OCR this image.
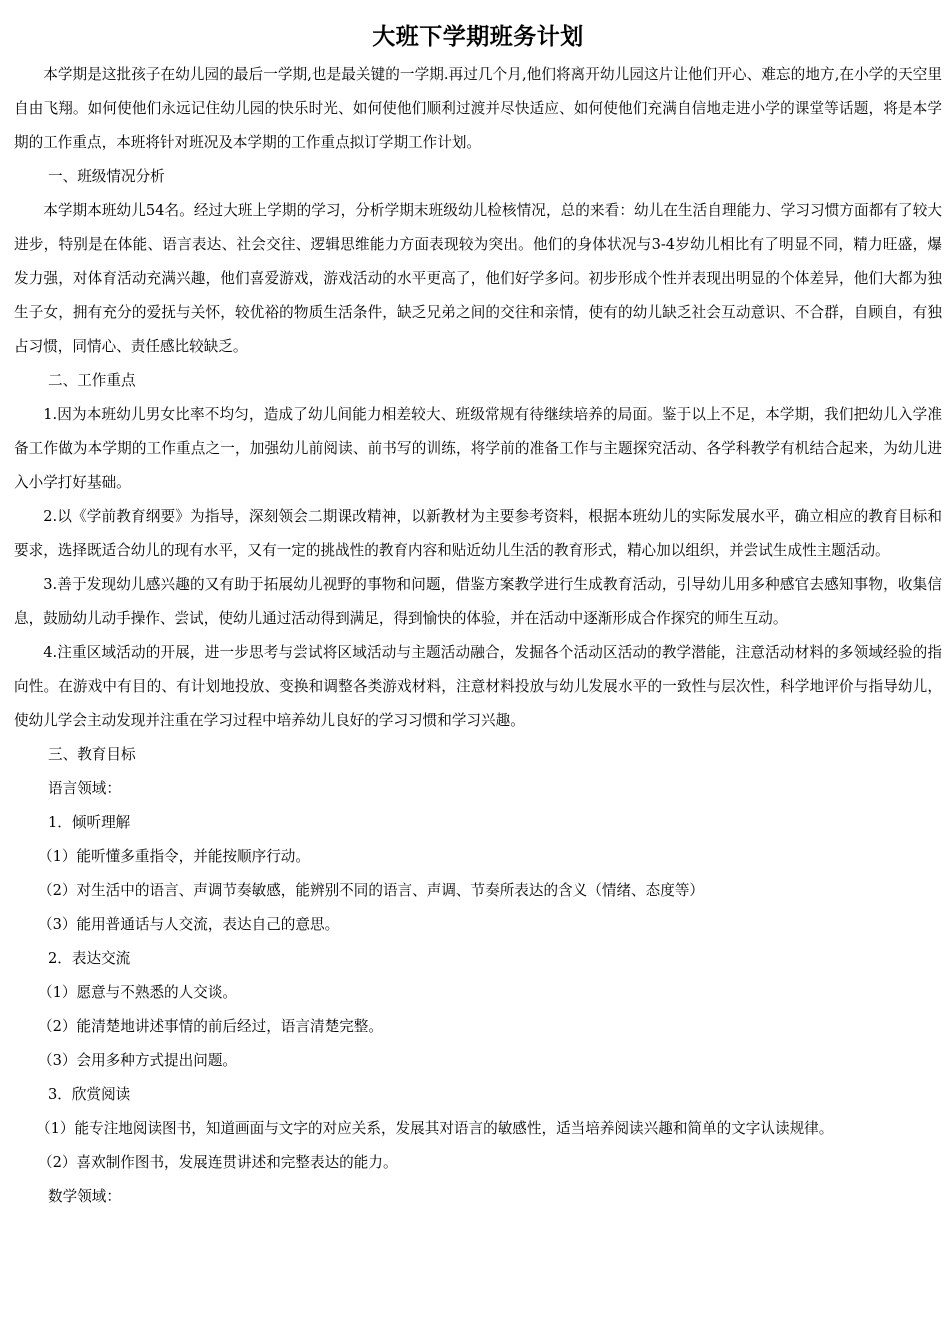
大班下学期班务计划

本学期是这批孩子在幼儿园的最后一学期,也是最关键的一学期.再过几个月,他们将离开幼儿园这片让他们开心、难忘的地方,在小学的天空里自由飞翔。如何使他们永远记住幼儿园的快乐时光、如何使他们顺利过渡并尽快适应、如何使他们充满自信地走进小学的课堂等话题，将是本学期的工作重点，本班将针对班况及本学期的工作重点拟订学期工作计划。

一、班级情况分析

本学期本班幼儿54名。经过大班上学期的学习，分析学期末班级幼儿检核情况，总的来看：幼儿在生活自理能力、学习习惯方面都有了较大进步，特别是在体能、语言表达、社会交往、逻辑思维能力方面表现较为突出。他们的身体状况与3-4岁幼儿相比有了明显不同，精力旺盛，爆发力强，对体育活动充满兴趣，他们喜爱游戏，游戏活动的水平更高了，他们好学多问。初步形成个性并表现出明显的个体差异，他们大都为独生子女，拥有充分的爱抚与关怀，较优裕的物质生活条件，缺乏兄弟之间的交往和亲情，使有的幼儿缺乏社会互动意识、不合群，自顾自，有独占习惯，同情心、责任感比较缺乏。

二、工作重点

1.因为本班幼儿男女比率不均匀，造成了幼儿间能力相差较大、班级常规有待继续培养的局面。鉴于以上不足，本学期，我们把幼儿入学准备工作做为本学期的工作重点之一，加强幼儿前阅读、前书写的训练，将学前的准备工作与主题探究活动、各学科教学有机结合起来，为幼儿进入小学打好基础。

2.以《学前教育纲要》为指导，深刻领会二期课改精神，以新教材为主要参考资料，根据本班幼儿的实际发展水平，确立相应的教育目标和要求，选择既适合幼儿的现有水平，又有一定的挑战性的教育内容和贴近幼儿生活的教育形式，精心加以组织，并尝试生成性主题活动。

3.善于发现幼儿感兴趣的又有助于拓展幼儿视野的事物和问题，借鉴方案教学进行生成教育活动，引导幼儿用多种感官去感知事物，收集信息，鼓励幼儿动手操作、尝试，使幼儿通过活动得到满足，得到愉快的体验，并在活动中逐渐形成合作探究的师生互动。

4.注重区域活动的开展，进一步思考与尝试将区域活动与主题活动融合，发掘各个活动区活动的教学潜能，注意活动材料的多领域经验的指向性。在游戏中有目的、有计划地投放、变换和调整各类游戏材料，注意材料投放与幼儿发展水平的一致性与层次性，科学地评价与指导幼儿，使幼儿学会主动发现并注重在学习过程中培养幼儿良好的学习习惯和学习兴趣。

三、教育目标

语言领域：

1．倾听理解

（1）能听懂多重指令，并能按顺序行动。

（2）对生活中的语言、声调节奏敏感，能辨别不同的语言、声调、节奏所表达的含义（情绪、态度等）

（3）能用普通话与人交流，表达自己的意思。

2．表达交流

（1）愿意与不熟悉的人交谈。

（2）能清楚地讲述事情的前后经过，语言清楚完整。

（3）会用多种方式提出问题。

3．欣赏阅读

（1）能专注地阅读图书，知道画面与文字的对应关系，发展其对语言的敏感性，适当培养阅读兴趣和简单的文字认读规律。

（2）喜欢制作图书，发展连贯讲述和完整表达的能力。

数学领域：
